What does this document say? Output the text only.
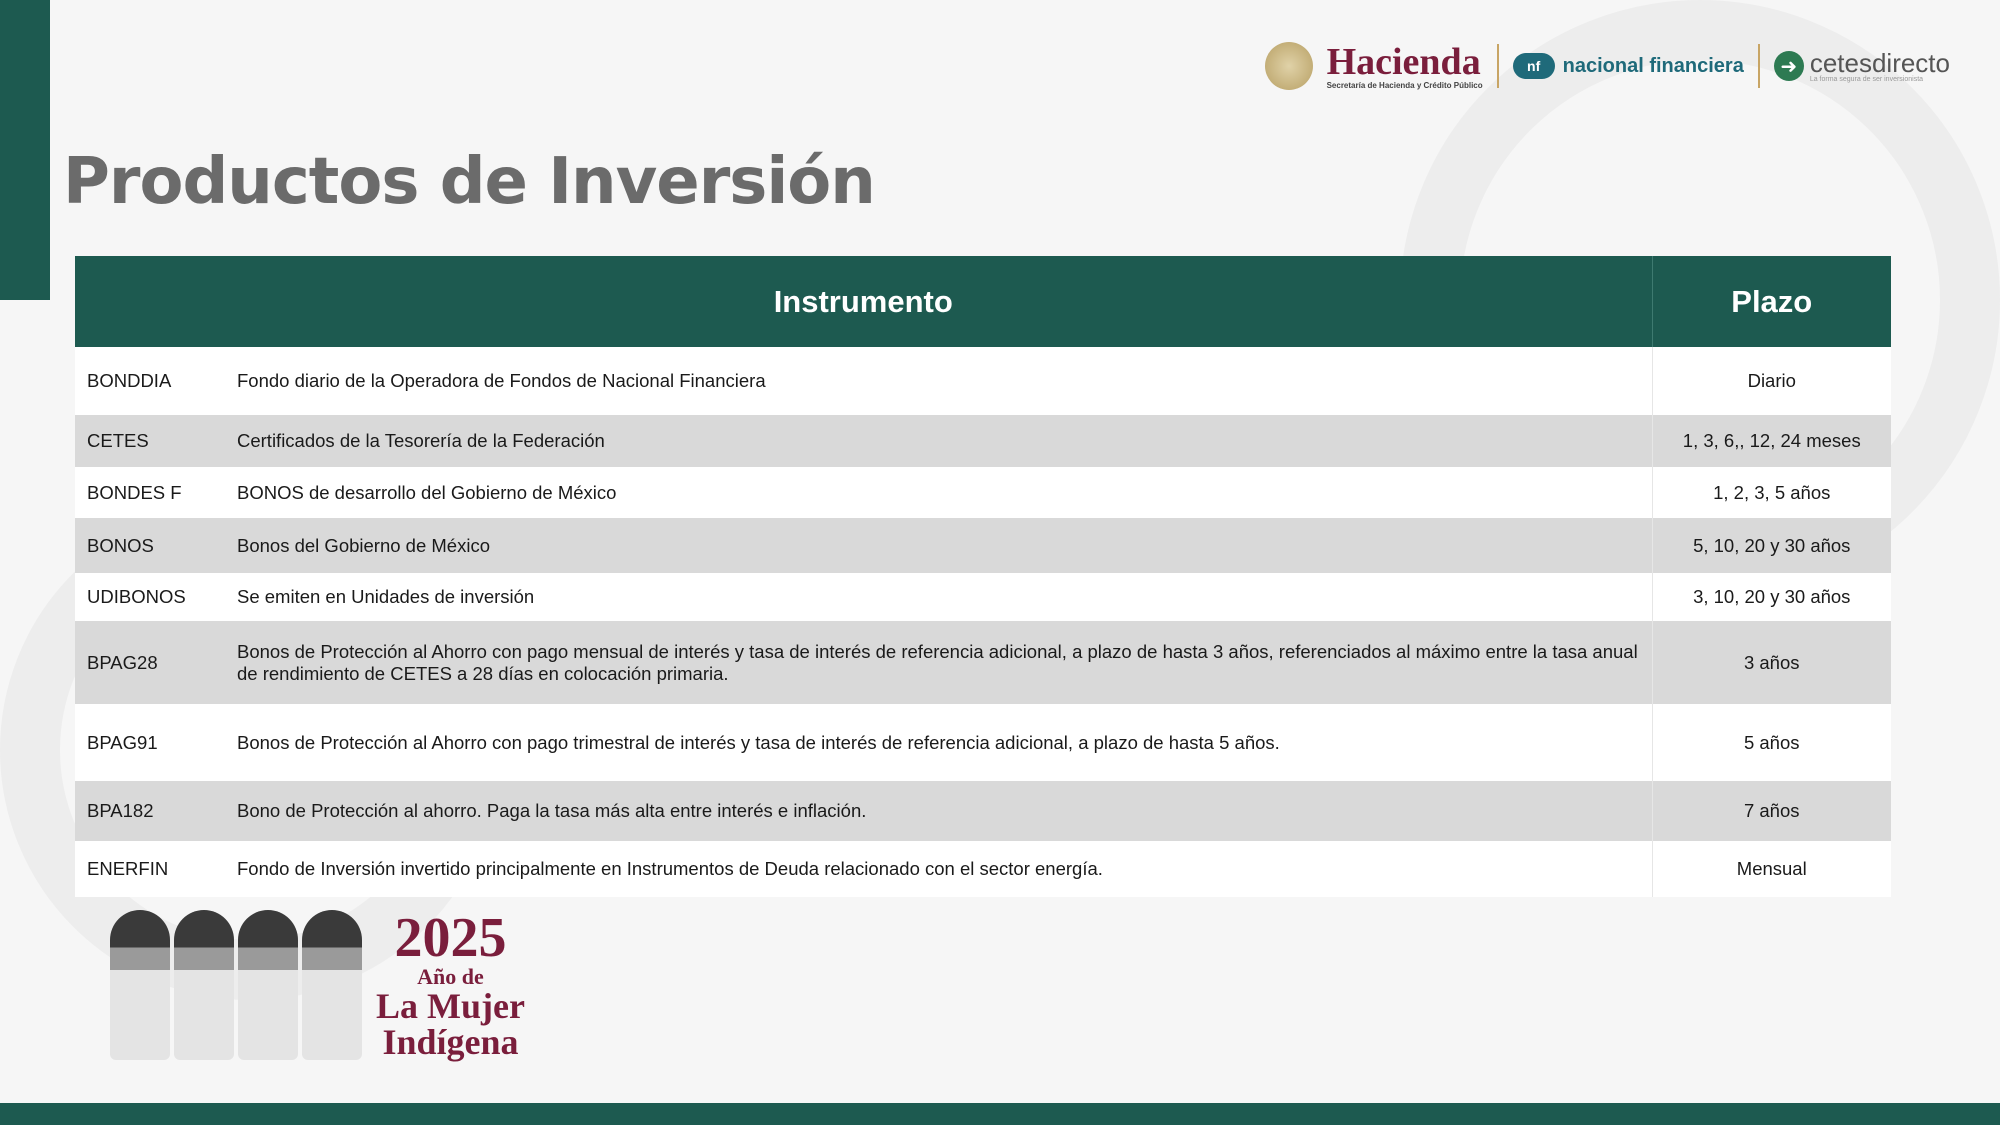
Hacienda
Secretaría de Hacienda y Crédito Público
nf	nacional financiera	➜ cetesdirecto
La forma segura de ser inversionista
Productos de Inversión
Instrumento		Plazo
BONDDIA	Fondo diario de la Operadora de Fondos de Nacional Financiera	Diario
CETES	Certificados de la Tesorería de la Federación	1, 3, 6,, 12, 24 meses
BONDES F	BONOS de desarrollo del Gobierno de México	1, 2, 3, 5 años
BONOS	Bonos del Gobierno de México	5, 10, 20 y 30 años
UDIBONOS	Se emiten en Unidades de inversión	3, 10, 20 y 30 años
BPAG28	Bonos de Protección al Ahorro con pago mensual de interés y tasa de interés de referencia adicional, a plazo de hasta 3 años, referenciados al máximo entre la tasa anual de rendimiento de CETES a 28 días en colocación primaria.	3 años
BPAG91	Bonos de Protección al Ahorro con pago trimestral de interés y tasa de interés de referencia adicional, a plazo de hasta 5 años.	5 años
BPA182	Bono de Protección al ahorro. Paga la tasa más alta entre interés e inflación.	7 años
ENERFIN	Fondo de Inversión invertido principalmente en Instrumentos de Deuda relacionado con el sector energía.	Mensual
2025
Año de
La Mujer
Indígena
